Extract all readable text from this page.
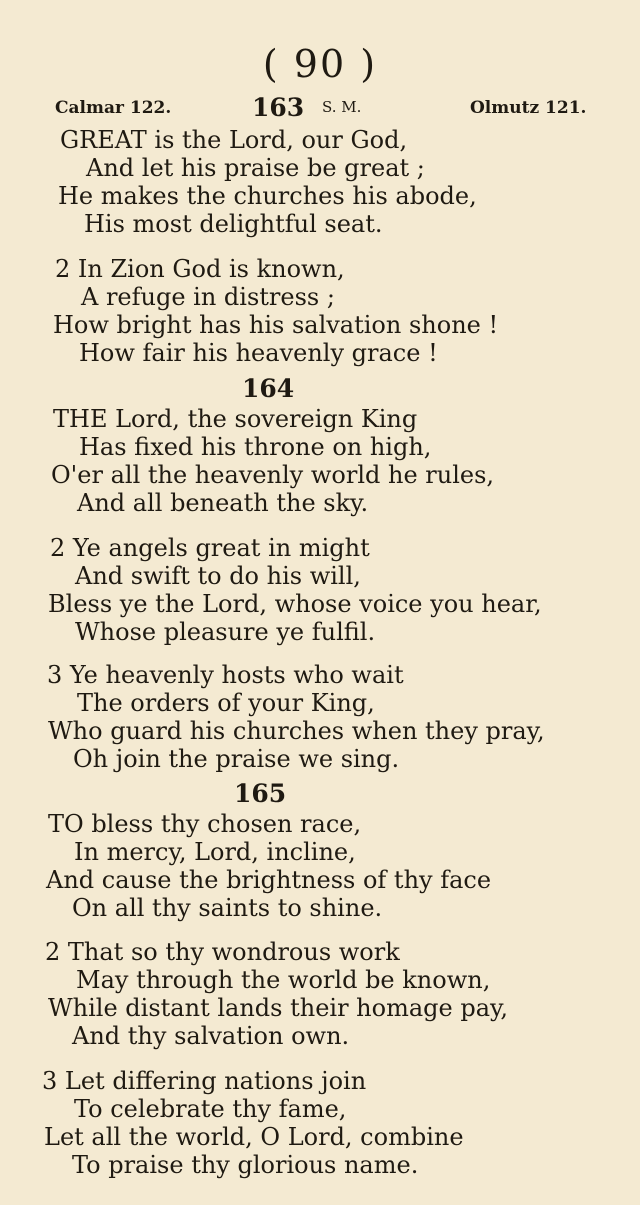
( 90 )
Calmar 122.	163 S. M.	Olmutz 121.
GREAT is the Lord, our God,
And let his praise be great ;
He makes the churches his abode,
His most delightful seat.
2 In Zion God is known,
A refuge in distress ;
How bright has his salvation shone !
How fair his heavenly grace !
164
THE Lord, the sovereign King
Has fixed his throne on high,
O'er all the heavenly world he rules,
And all beneath the sky.
2 Ye angels great in might
And swift to do his will,
Bless ye the Lord, whose voice you hear,
Whose pleasure ye fulfil.
3 Ye heavenly hosts who wait
The orders of your King,
Who guard his churches when they pray,
Oh join the praise we sing.
165
TO bless thy chosen race,
In mercy, Lord, incline,
And cause the brightness of thy face
On all thy saints to shine.
2 That so thy wondrous work
May through the world be known,
While distant lands their homage pay,
And thy salvation own.
3 Let differing nations join
To celebrate thy fame,
Let all the world, O Lord, combine
To praise thy glorious name.
